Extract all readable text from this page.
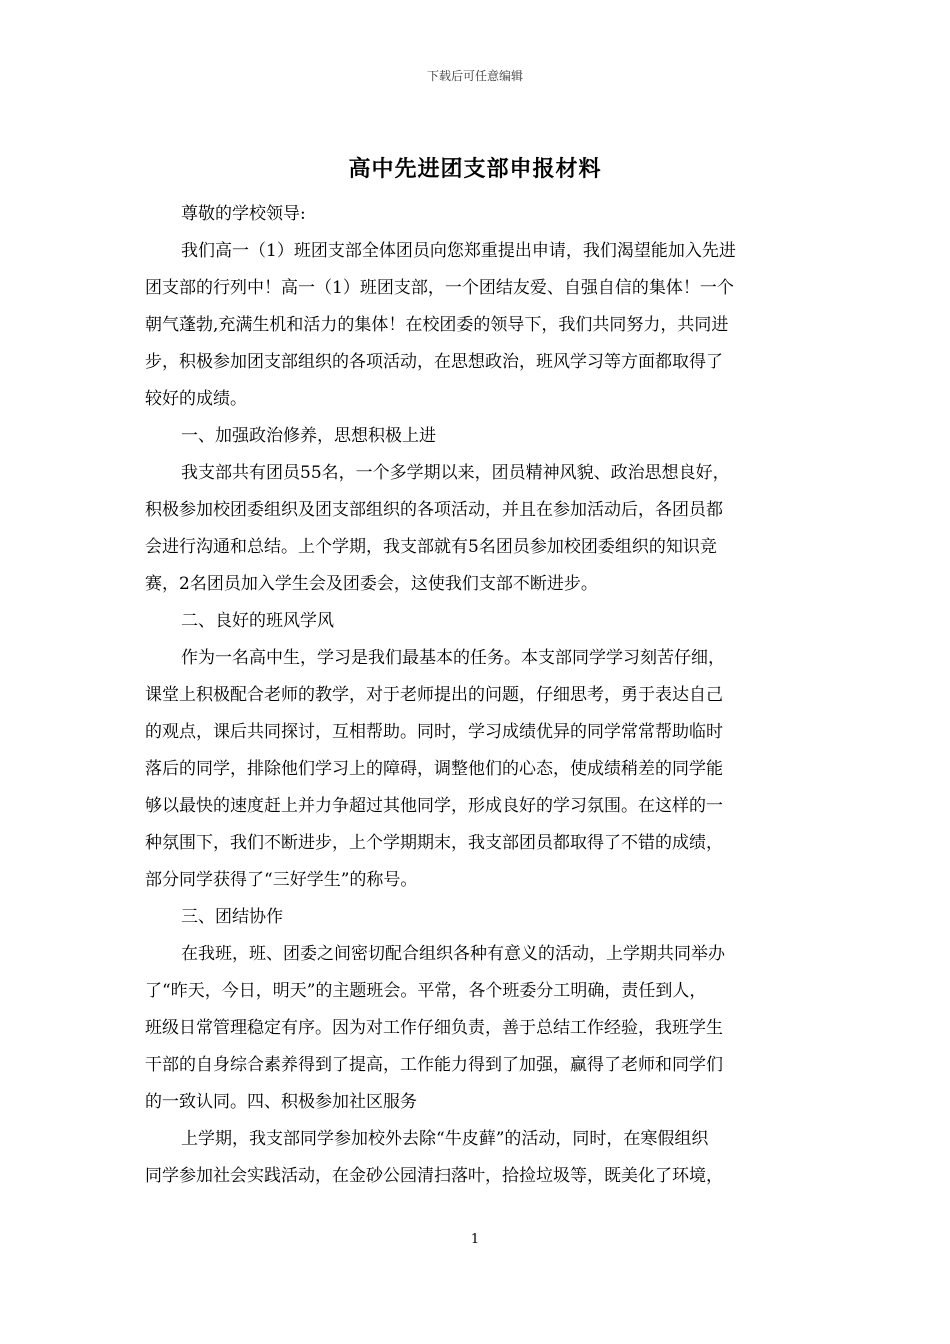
下载后可任意编辑
高中先进团支部申报材料
尊敬的学校领导:
我们高一（1）班团支部全体团员向您郑重提出申请，我们渴望能加入先进
团支部的行列中！高一（1）班团支部，一个团结友爱、自强自信的集体！一个
朝气蓬勃,充满生机和活力的集体！在校团委的领导下，我们共同努力，共同进
步，积极参加团支部组织的各项活动，在思想政治，班风学习等方面都取得了
较好的成绩。
一、加强政治修养，思想积极上进
我支部共有团员55名，一个多学期以来，团员精神风貌、政治思想良好，
积极参加校团委组织及团支部组织的各项活动，并且在参加活动后，各团员都
会进行沟通和总结。上个学期，我支部就有5名团员参加校团委组织的知识竞
赛，2名团员加入学生会及团委会，这使我们支部不断进步。
二、良好的班风学风
作为一名高中生，学习是我们最基本的任务。本支部同学学习刻苦仔细，
课堂上积极配合老师的教学，对于老师提出的问题，仔细思考，勇于表达自己
的观点，课后共同探讨，互相帮助。同时，学习成绩优异的同学常常帮助临时
落后的同学，排除他们学习上的障碍，调整他们的心态，使成绩稍差的同学能
够以最快的速度赶上并力争超过其他同学，形成良好的学习氛围。在这样的一
种氛围下，我们不断进步，上个学期期末，我支部团员都取得了不错的成绩，
部分同学获得了“三好学生”的称号。
三、团结协作
在我班，班、团委之间密切配合组织各种有意义的活动，上学期共同举办
了“昨天，今日，明天”的主题班会。平常，各个班委分工明确，责任到人，
班级日常管理稳定有序。因为对工作仔细负责，善于总结工作经验，我班学生
干部的自身综合素养得到了提高，工作能力得到了加强，赢得了老师和同学们
的一致认同。四、积极参加社区服务
上学期，我支部同学参加校外去除“牛皮藓”的活动，同时，在寒假组织
同学参加社会实践活动，在金砂公园清扫落叶，拾捡垃圾等，既美化了环境，
1
